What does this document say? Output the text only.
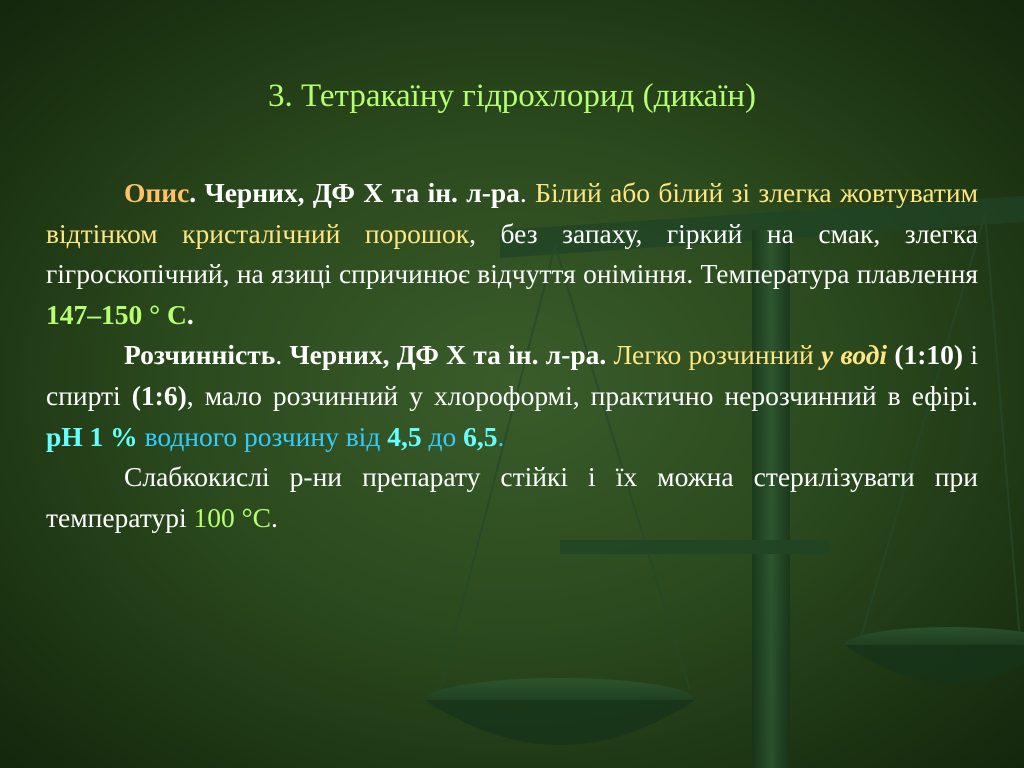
3. Тетракаїну гідрохлорид (дикаїн)

Опис. Черних, ДФ Х та ін. л-ра. Білий або білий зі злегка жовтуватим відтінком кристалічний порошок, без запаху, гіркий на смак, злегка гігроскопічний, на язиці спричинює відчуття оніміння. Температура плавлення 147–150 ° С.

Розчинність. Черних, ДФ Х та ін. л-ра. Легко розчинний у воді (1:10) і спирті (1:6), мало розчинний у хлороформі, практично нерозчинний в ефірі. pH 1 % водного розчину від 4,5 до 6,5.

Слабкокислі р-ни препарату стійкі і їх можна стерилізувати при температурі 100 °С.
